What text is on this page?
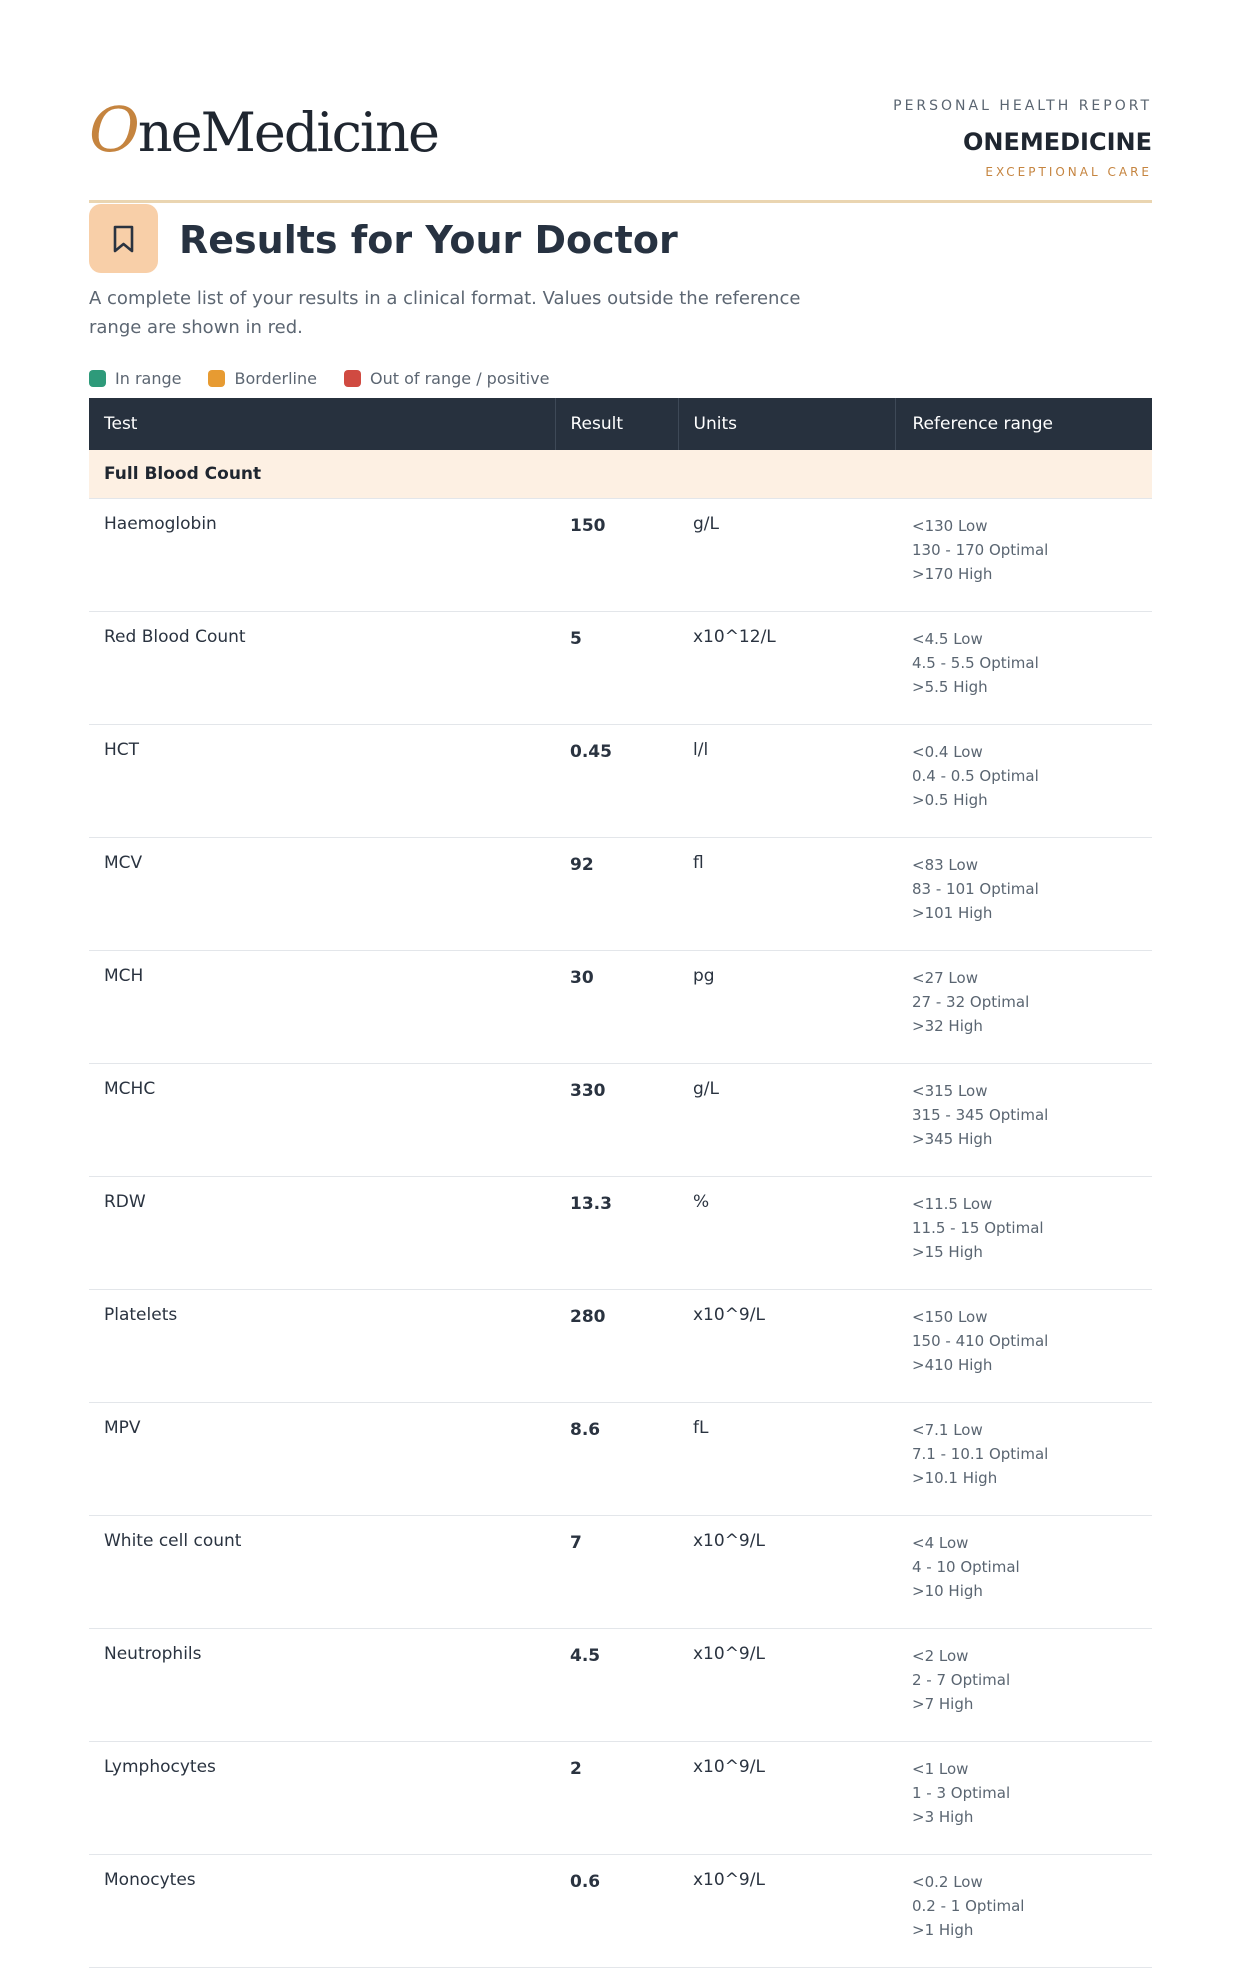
OneMedicine	PERSONAL HEALTH REPORT
ONEMEDICINE
EXCEPTIONAL CARE
Results for Your Doctor

A complete list of your results in a clinical format. Values outside the reference range are shown in red.

In range	Borderline	Out of range / positive
Test	Result	Units	Reference range
Full Blood Count			
Haemoglobin	150	g/L	<130 Low
130 - 170 Optimal
>170 High

Red Blood Count	5	x10^12/L	<4.5 Low
4.5 - 5.5 Optimal
>5.5 High

HCT	0.45	l/l	<0.4 Low
0.4 - 0.5 Optimal
>0.5 High

MCV	92	fl	<83 Low
83 - 101 Optimal
>101 High

MCH	30	pg	<27 Low
27 - 32 Optimal
>32 High

MCHC	330	g/L	<315 Low
315 - 345 Optimal
>345 High

RDW	13.3	%	<11.5 Low
11.5 - 15 Optimal
>15 High

Platelets	280	x10^9/L	<150 Low
150 - 410 Optimal
>410 High

MPV	8.6	fL	<7.1 Low
7.1 - 10.1 Optimal
>10.1 High

White cell count	7	x10^9/L	<4 Low
4 - 10 Optimal
>10 High

Neutrophils	4.5	x10^9/L	<2 Low
2 - 7 Optimal
>7 High

Lymphocytes	2	x10^9/L	<1 Low
1 - 3 Optimal
>3 High

Monocytes	0.6	x10^9/L	<0.2 Low
0.2 - 1 Optimal
>1 High
